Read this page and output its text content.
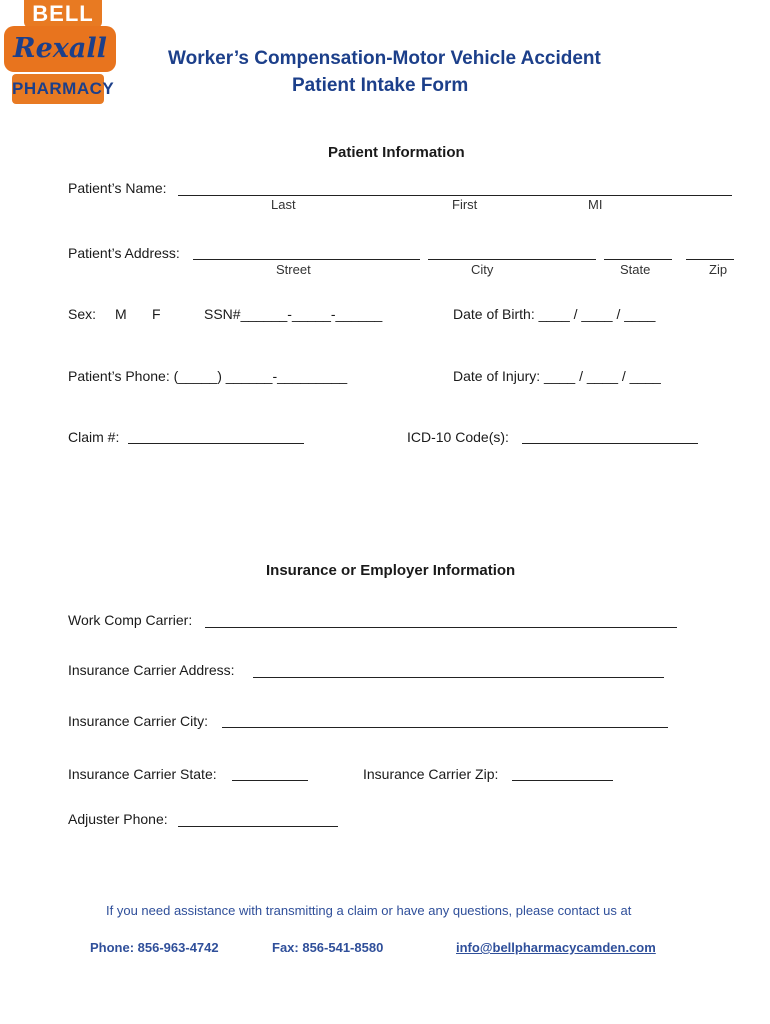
BELL
Rexall
PHARMACY
Worker’s Compensation-Motor Vehicle Accident
Patient Intake Form
Patient Information
Patient’s Name:
Last	First	MI
Patient’s Address:
Street	City	State	Zip
Sex: M F	SSN#______-_____-______	Date of Birth: ____ / ____ / ____
Patient’s Phone: (_____) ______-_________	Date of Injury: ____ / ____ / ____
Claim #:	ICD-10 Code(s):
Insurance or Employer Information
Work Comp Carrier:
Insurance Carrier Address:
Insurance Carrier City:
Insurance Carrier State:	Insurance Carrier Zip:
Adjuster Phone:
If you need assistance with transmitting a claim or have any questions, please contact us at
Phone: 856-963-4742	Fax: 856-541-8580	info@bellpharmacycamden.com
